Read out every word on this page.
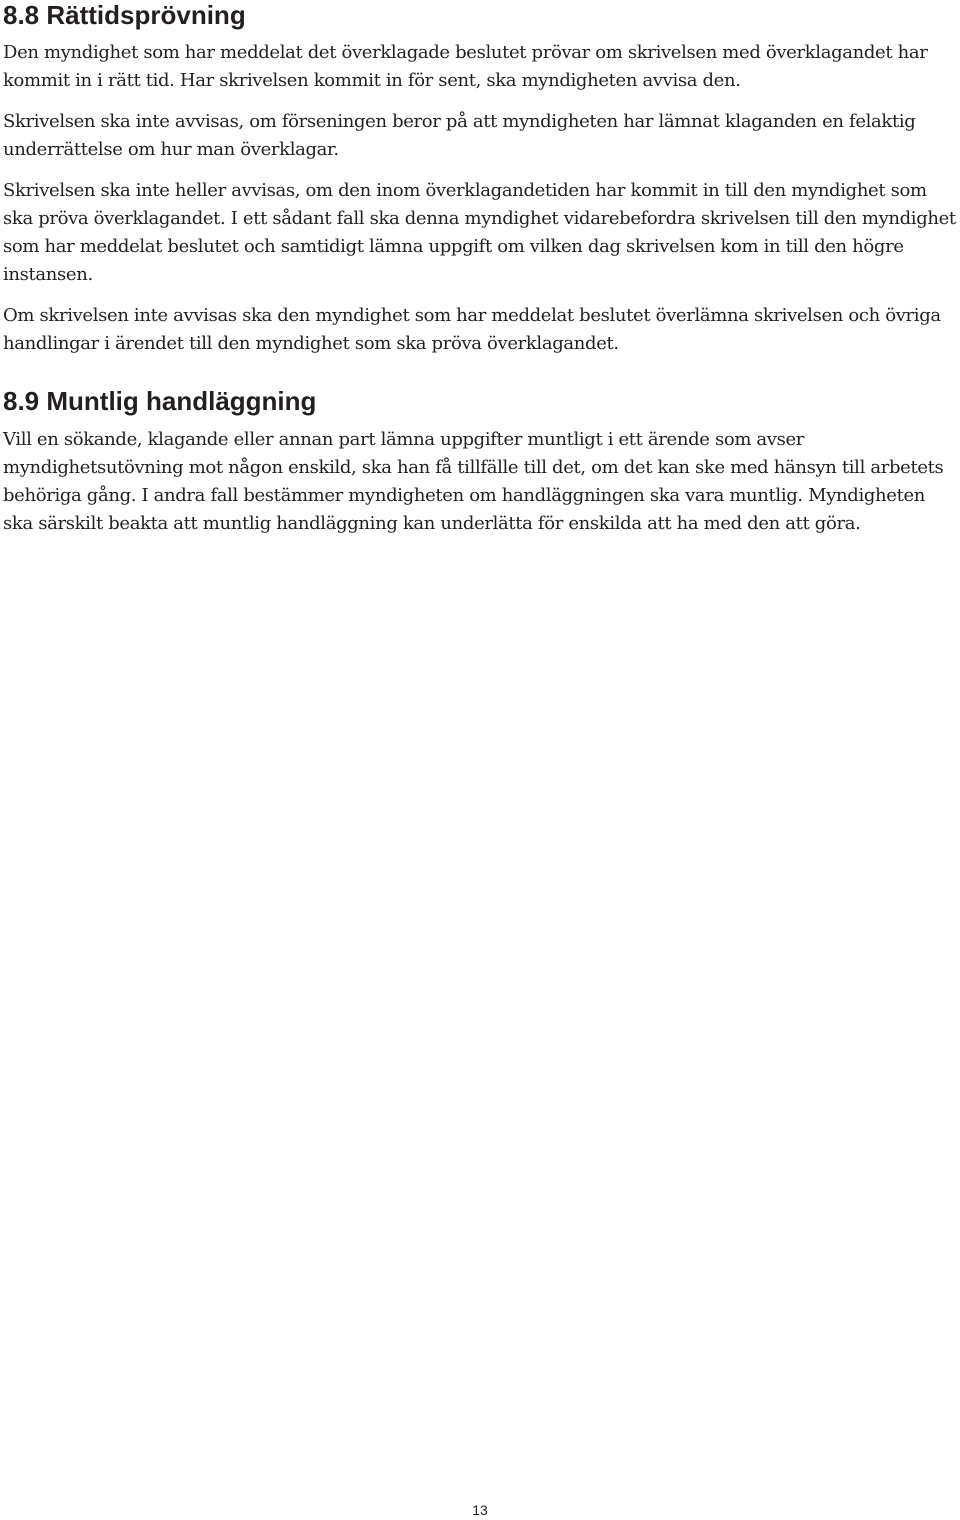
8.8 Rättidsprövning

Den myndighet som har meddelat det överklagade beslutet prövar om skrivelsen med överklagandet har kommit in i rätt tid. Har skrivelsen kommit in för sent, ska myndigheten avvisa den.

Skrivelsen ska inte avvisas, om förseningen beror på att myndigheten har lämnat klaganden en felaktig underrättelse om hur man överklagar.

Skrivelsen ska inte heller avvisas, om den inom överklagandetiden har kommit in till den myndighet som ska pröva överklagandet. I ett sådant fall ska denna myndighet vidarebefordra skrivelsen till den myndighet som har meddelat beslutet och samtidigt lämna uppgift om vilken dag skrivelsen kom in till den högre instansen.

Om skrivelsen inte avvisas ska den myndighet som har meddelat beslutet överlämna skrivelsen och övriga handlingar i ärendet till den myndighet som ska pröva överklagandet.

8.9 Muntlig handläggning

Vill en sökande, klagande eller annan part lämna uppgifter muntligt i ett ärende som avser myndighetsutövning mot någon enskild, ska han få tillfälle till det, om det kan ske med hänsyn till arbetets behöriga gång. I andra fall bestämmer myndigheten om handläggningen ska vara muntlig. Myndigheten ska särskilt beakta att muntlig handläggning kan underlätta för enskilda att ha med den att göra.

13
